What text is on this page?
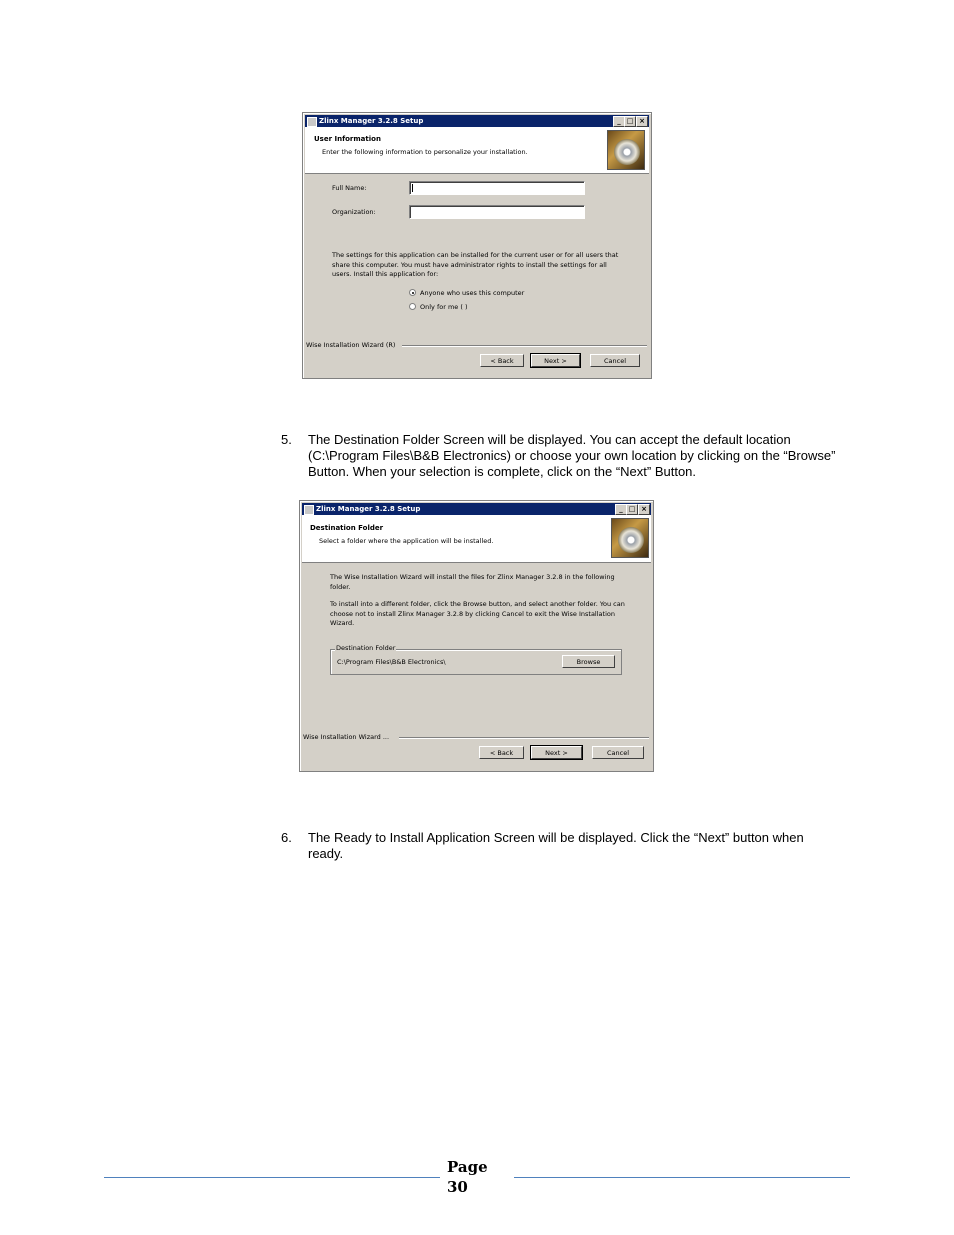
Zlinx Manager 3.2.8 Setup	_ □ ×
User Information
Enter the following information to personalize your installation.
Full Name:
Organization:
The settings for this application can be installed for the current user or for all users that share this computer. You must have administrator rights to install the settings for all users. Install this application for:
Anyone who uses this computer
Only for me ( )
Wise Installation Wizard (R)
< Back	Next >	Cancel
5. The Destination Folder Screen will be displayed. You can accept the default location (C:\Program Files\B&B Electronics) or choose your own location by clicking on the “Browse” Button. When your selection is complete, click on the “Next” Button.
Zlinx Manager 3.2.8 Setup	_ □ ×
Destination Folder
Select a folder where the application will be installed.
The Wise Installation Wizard will install the files for Zlinx Manager 3.2.8 in the following folder.
To install into a different folder, click the Browse button, and select another folder. You can choose not to install Zlinx Manager 3.2.8 by clicking Cancel to exit the Wise Installation Wizard.
Destination Folder
C:\Program Files\B&B Electronics\	Browse
Wise Installation Wizard ...
< Back	Next >	Cancel
6. The Ready to Install Application Screen will be displayed. Click the “Next” button when ready.
Page
30
